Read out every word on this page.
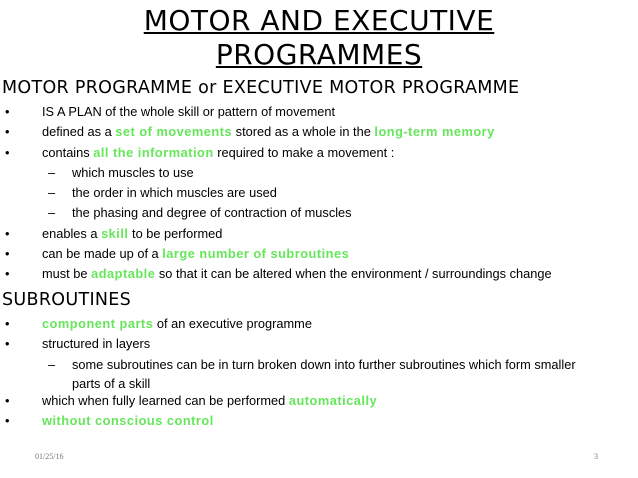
MOTOR AND EXECUTIVE
PROGRAMMES
MOTOR PROGRAMME or EXECUTIVE MOTOR PROGRAMME
•	IS A PLAN of the whole skill or pattern of movement
•	defined as a set of movements stored as a whole in the long-term memory
•	contains all the information required to make a movement :
– which muscles to use
– the order in which muscles are used
– the phasing and degree of contraction of muscles
•	enables a skill to be performed
•	can be made up of a large number of subroutines
•	must be adaptable so that it can be altered when the environment / surroundings change
SUBROUTINES
•	component parts of an executive programme
•	structured in layers
– some subroutines can be in turn broken down into further subroutines which form smaller parts of a skill
•	which when fully learned can be performed automatically
•	without conscious control
01/25/16	3
